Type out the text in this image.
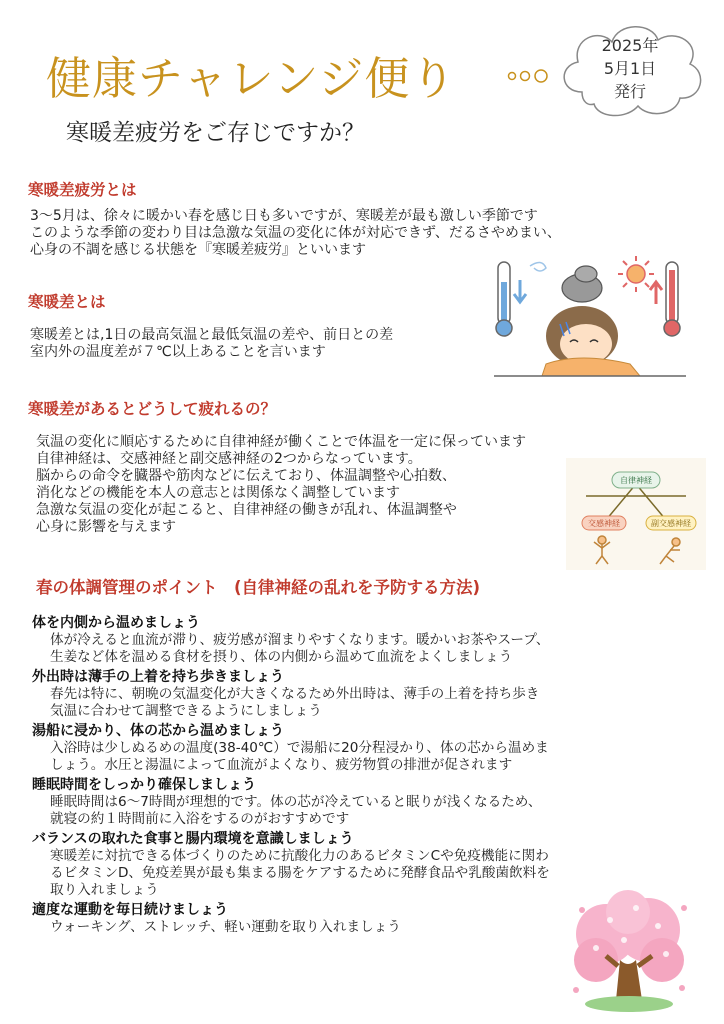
健康チャレンジ便り
2025年
5月1日
発行
寒暖差疲労をご存じですか？
寒暖差疲労とは
3〜5月は、徐々に暖かい春を感じ日も多いですが、寒暖差が最も激しい季節です
このような季節の変わり目は急激な気温の変化に体が対応できず、だるさやめまい、
心身の不調を感じる状態を『寒暖差疲労』といいます
寒暖差とは
寒暖差とは,1日の最高気温と最低気温の差や、前日との差
室内外の温度差が７℃以上あることを言います
寒暖差があるとどうして疲れるの？
気温の変化に順応するために自律神経が働くことで体温を一定に保っています
自律神経は、交感神経と副交感神経の2つからなっています。
脳からの命令を臓器や筋肉などに伝えており、体温調整や心拍数、
消化などの機能を本人の意志とは関係なく調整しています
急激な気温の変化が起こると、自律神経の働きが乱れ、体温調整や
心身に影響を与えます
自律神経
交感神経	副交感神経
春の体調管理のポイント　(自律神経の乱れを予防する方法)
体を内側から温めましょう
体が冷えると血流が滞り、疲労感が溜まりやすくなります。暖かいお茶やスープ、
生姜など体を温める食材を摂り、体の内側から温めて血流をよくしましょう
外出時は薄手の上着を持ち歩きましょう
春先は特に、朝晩の気温変化が大きくなるため外出時は、薄手の上着を持ち歩き
気温に合わせて調整できるようにしましょう
湯船に浸かり、体の芯から温めましょう
入浴時は少しぬるめの温度(38-40℃）で湯船に20分程浸かり、体の芯から温めま
しょう。水圧と湯温によって血流がよくなり、疲労物質の排泄が促されます
睡眠時間をしっかり確保しましょう
睡眠時間は6〜7時間が理想的です。体の芯が冷えていると眠りが浅くなるため、
就寝の約１時間前に入浴をするのがおすすめです
バランスの取れた食事と腸内環境を意識しましょう
寒暖差に対抗できる体づくりのために抗酸化力のあるビタミンCや免疫機能に関わ
るビタミンD、免疫差異が最も集まる腸をケアするために発酵食品や乳酸菌飲料を
取り入れましょう
適度な運動を毎日続けましょう
ウォーキング、ストレッチ、軽い運動を取り入れましょう
